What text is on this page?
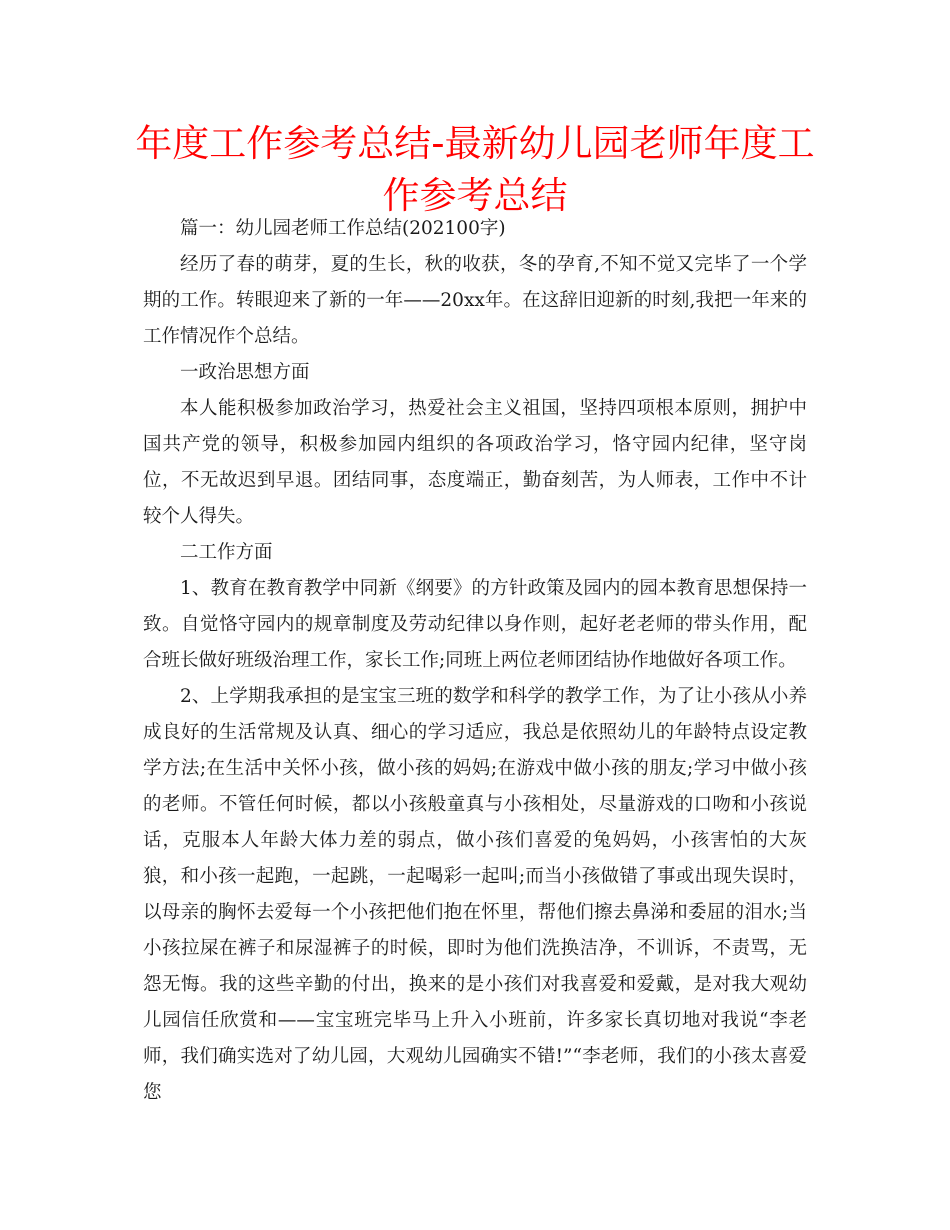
年度工作参考总结-最新幼儿园老师年度工作参考总结

篇一：幼儿园老师工作总结(202100字)

经历了春的萌芽，夏的生长，秋的收获，冬的孕育,不知不觉又完毕了一个学期的工作。转眼迎来了新的一年——20xx年。在这辞旧迎新的时刻,我把一年来的工作情况作个总结。

一政治思想方面

本人能积极参加政治学习，热爱社会主义祖国，坚持四项根本原则，拥护中国共产党的领导，积极参加园内组织的各项政治学习，恪守园内纪律，坚守岗位，不无故迟到早退。团结同事，态度端正，勤奋刻苦，为人师表，工作中不计较个人得失。

二工作方面

1、教育在教育教学中同新《纲要》的方针政策及园内的园本教育思想保持一致。自觉恪守园内的规章制度及劳动纪律以身作则，起好老老师的带头作用，配合班长做好班级治理工作，家长工作;同班上两位老师团结协作地做好各项工作。

2、上学期我承担的是宝宝三班的数学和科学的教学工作，为了让小孩从小养成良好的生活常规及认真、细心的学习适应，我总是依照幼儿的年龄特点设定教学方法;在生活中关怀小孩，做小孩的妈妈;在游戏中做小孩的朋友;学习中做小孩的老师。不管任何时候，都以小孩般童真与小孩相处，尽量游戏的口吻和小孩说话，克服本人年龄大体力差的弱点，做小孩们喜爱的兔妈妈，小孩害怕的大灰狼，和小孩一起跑，一起跳，一起喝彩一起叫;而当小孩做错了事或出现失误时，以母亲的胸怀去爱每一个小孩把他们抱在怀里，帮他们擦去鼻涕和委屈的泪水;当小孩拉屎在裤子和尿湿裤子的时候，即时为他们洗换洁净，不训诉，不责骂，无怨无悔。我的这些辛勤的付出，换来的是小孩们对我喜爱和爱戴，是对我大观幼儿园信任欣赏和——宝宝班完毕马上升入小班前，许多家长真切地对我说“李老师，我们确实选对了幼儿园，大观幼儿园确实不错!”“李老师，我们的小孩太喜爱您
